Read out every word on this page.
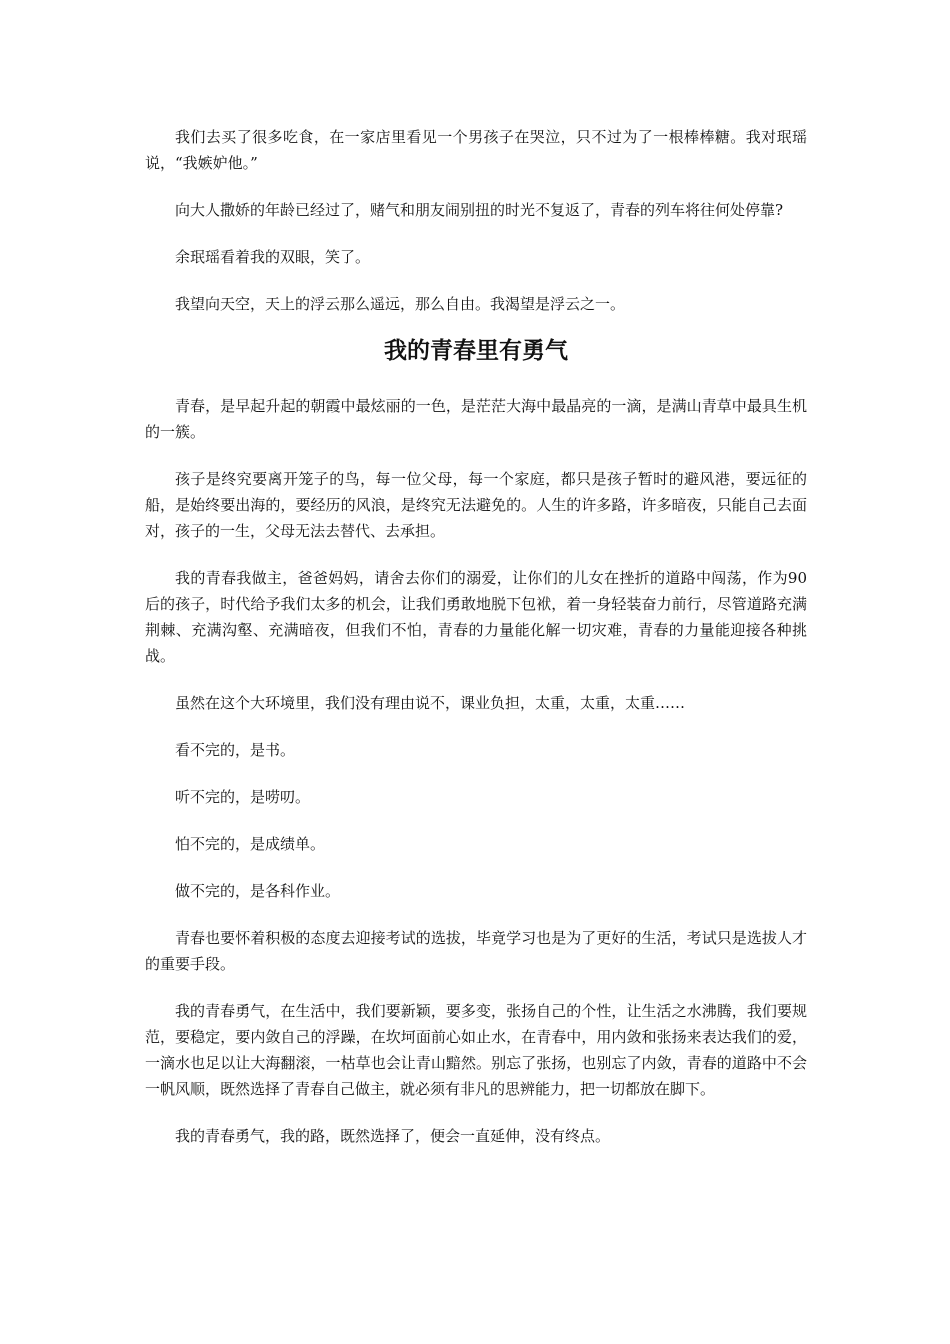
我们去买了很多吃食，在一家店里看见一个男孩子在哭泣，只不过为了一根棒棒糖。我对珉瑶说，“我嫉妒他。”

向大人撒娇的年龄已经过了，赌气和朋友闹别扭的时光不复返了，青春的列车将往何处停靠?

余珉瑶看着我的双眼，笑了。

我望向天空，天上的浮云那么遥远，那么自由。我渴望是浮云之一。

我的青春里有勇气

青春，是早起升起的朝霞中最炫丽的一色，是茫茫大海中最晶亮的一滴，是满山青草中最具生机的一簇。

孩子是终究要离开笼子的鸟，每一位父母，每一个家庭，都只是孩子暂时的避风港，要远征的船，是始终要出海的，要经历的风浪，是终究无法避免的。人生的许多路，许多暗夜，只能自己去面对，孩子的一生，父母无法去替代、去承担。

我的青春我做主，爸爸妈妈，请舍去你们的溺爱，让你们的儿女在挫折的道路中闯荡，作为90后的孩子，时代给予我们太多的机会，让我们勇敢地脱下包袱，着一身轻装奋力前行，尽管道路充满荆棘、充满沟壑、充满暗夜，但我们不怕，青春的力量能化解一切灾难，青春的力量能迎接各种挑战。

虽然在这个大环境里，我们没有理由说不，课业负担，太重，太重，太重……

看不完的，是书。

听不完的，是唠叨。

怕不完的，是成绩单。

做不完的，是各科作业。

青春也要怀着积极的态度去迎接考试的选拔，毕竟学习也是为了更好的生活，考试只是选拔人才的重要手段。

我的青春勇气，在生活中，我们要新颖，要多变，张扬自己的个性，让生活之水沸腾，我们要规范，要稳定，要内敛自己的浮躁，在坎坷面前心如止水，在青春中，用内敛和张扬来表达我们的爱，一滴水也足以让大海翻滚，一枯草也会让青山黯然。别忘了张扬，也别忘了内敛，青春的道路中不会一帆风顺，既然选择了青春自己做主，就必须有非凡的思辨能力，把一切都放在脚下。

我的青春勇气，我的路，既然选择了，便会一直延伸，没有终点。
